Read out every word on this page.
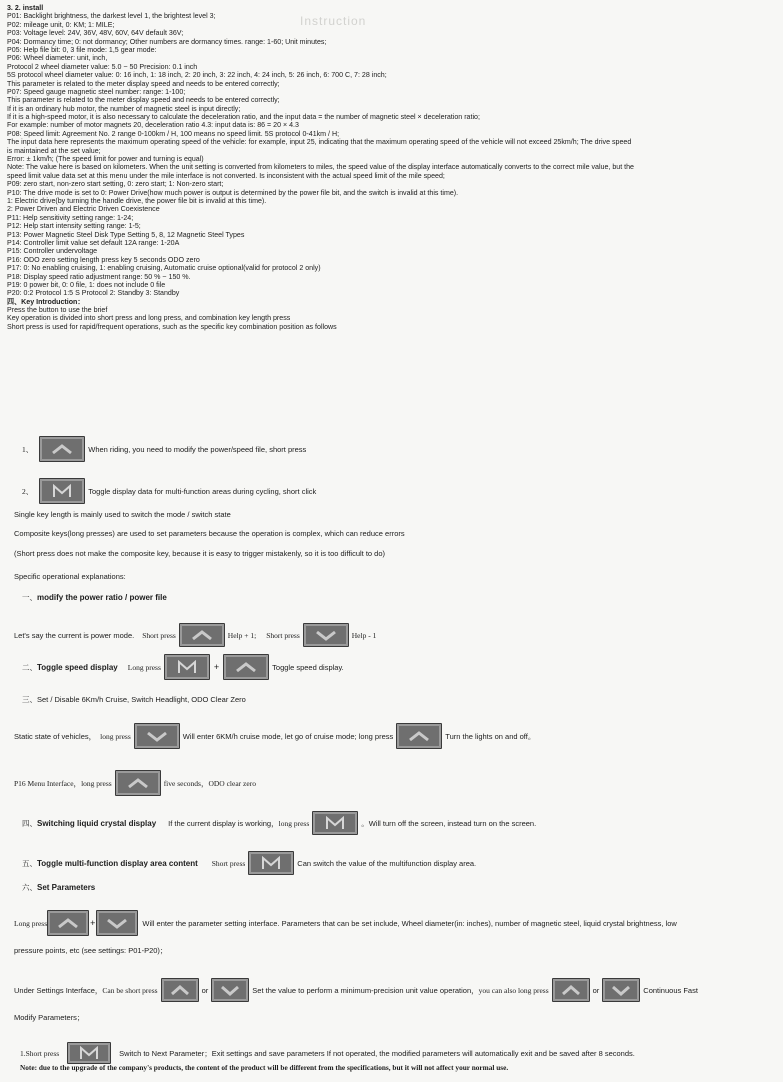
Instruction
3. 2. install
P01: Backlight brightness, the darkest level 1, the brightest level 3;
P02: mileage unit, 0: KM; 1: MILE;
P03: Voltage level: 24V, 36V, 48V, 60V, 64V default 36V;
P04: Dormancy time; 0: not dormancy; Other numbers are dormancy times. range: 1-60; Unit minutes;
P05: Help file bit: 0, 3 file mode: 1,5 gear mode:
P06: Wheel diameter: unit, inch,
Protocol 2 wheel diameter value: 5.0 ~ 50 Precision: 0.1 inch
5S protocol wheel diameter value: 0: 16 inch, 1: 18 inch, 2: 20 inch, 3: 22 inch, 4: 24 inch, 5: 26 inch, 6: 700 C, 7: 28 inch;
This parameter is related to the meter display speed and needs to be entered correctly;
P07: Speed gauge magnetic steel number: range: 1-100;
This parameter is related to the meter display speed and needs to be entered correctly;
If it is an ordinary hub motor, the number of magnetic steel is input directly;
If it is a high-speed motor, it is also necessary to calculate the deceleration ratio, and the input data = the number of magnetic steel × deceleration ratio;
For example: number of motor magnets 20, deceleration ratio 4.3: input data is: 86 = 20 × 4.3
P08: Speed limit: Agreement No. 2 range 0-100km / H, 100 means no speed limit. 5S protocol 0-41km / H;
The input data here represents the maximum operating speed of the vehicle: for example, input 25, indicating that the maximum operating speed of the vehicle will not exceed 25km/h; The drive speed
is maintained at the set value;
Error: ± 1km/h; (The speed limit for power and turning is equal)
Note: The value here is based on kilometers. When the unit setting is converted from kilometers to miles, the speed value of the display interface automatically converts to the correct mile value, but the
speed limit value data set at this menu under the mile interface is not converted. Is inconsistent with the actual speed limit of the mile speed;
P09: zero start, non-zero start setting, 0: zero start; 1: Non-zero start;
P10: The drive mode is set to 0: Power Drive(how much power is output is determined by the power file bit, and the switch is invalid at this time).
1: Electric drive(by turning the handle drive, the power file bit is invalid at this time).
2: Power Driven and Electric Driven Coexistence
P11: Help sensitivity setting range: 1-24;
P12: Help start intensity setting range: 1-5;
P13: Power Magnetic Steel Disk Type Setting 5, 8, 12 Magnetic Steel Types
P14: Controller limit value set default 12A range: 1-20A
P15: Controller undervoltage
P16: ODO zero setting length press key 5 seconds ODO zero
P17: 0: No enabling cruising, 1: enabling cruising, Automatic cruise optional(valid for protocol 2 only)
P18: Display speed ratio adjustment range: 50 % ~ 150 %.
P19: 0 power bit, 0: 0 file, 1: does not include 0 file
P20: 0:2 Protocol 1:5 S Protocol 2: Standby 3: Standby
四、Key Introduction：
Press the button to use the brief
Key operation is divided into short press and long press, and combination key length press
Short press is used for rapid/frequent operations, such as the specific key combination position as follows
1、	When riding, you need to modify the power/speed file, short press
2、	Toggle display data for multi-function areas during cycling, short click
Single key length is mainly used to switch the mode / switch state
Composite keys(long presses) are used to set parameters because the operation is complex, which can reduce errors
(Short press does not make the composite key, because it is easy to trigger mistakenly, so it is too difficult to do)
Specific operational explanations:
一、 modify the power ratio / power file
Let's say the current is power mode. Short press	Help + 1; Short press	Help - 1
二、 Toggle speed display Long press	+	Toggle speed display.
三、 Set / Disable 6Km/h Cruise, Switch Headlight, ODO Clear Zero
Static state of vehicles， long press	Will enter 6KM/h cruise mode, let go of cruise mode; long press	Turn the lights on and off。
P16 Menu Interface， long press	five seconds，ODO clear zero
四、 Switching liquid crystal display If the current display is working， long press	。Will turn off the screen, instead turn on the screen.
五、 Toggle multi-function display area content Short press	Can switch the value of the multifunction display area.
六、 Set Parameters
Long press	+	Will enter the parameter setting interface. Parameters that can be set include, Wheel diameter(in: inches), number of magnetic steel, liquid crystal brightness, low
pressure points, etc (see settings: P01-P20)；
Under Settings Interface， Can be short press	or	Set the value to perform a minimum-precision unit value operation， you can also long press	or	Continuous Fast
Modify Parameters；
1.Short press	Switch to Next Parameter；Exit settings and save parameters If not operated, the modified parameters will automatically exit and be saved after 8 seconds.
Note: due to the upgrade of the company's products, the content of the product will be different from the specifications, but it will not affect your normal use.
